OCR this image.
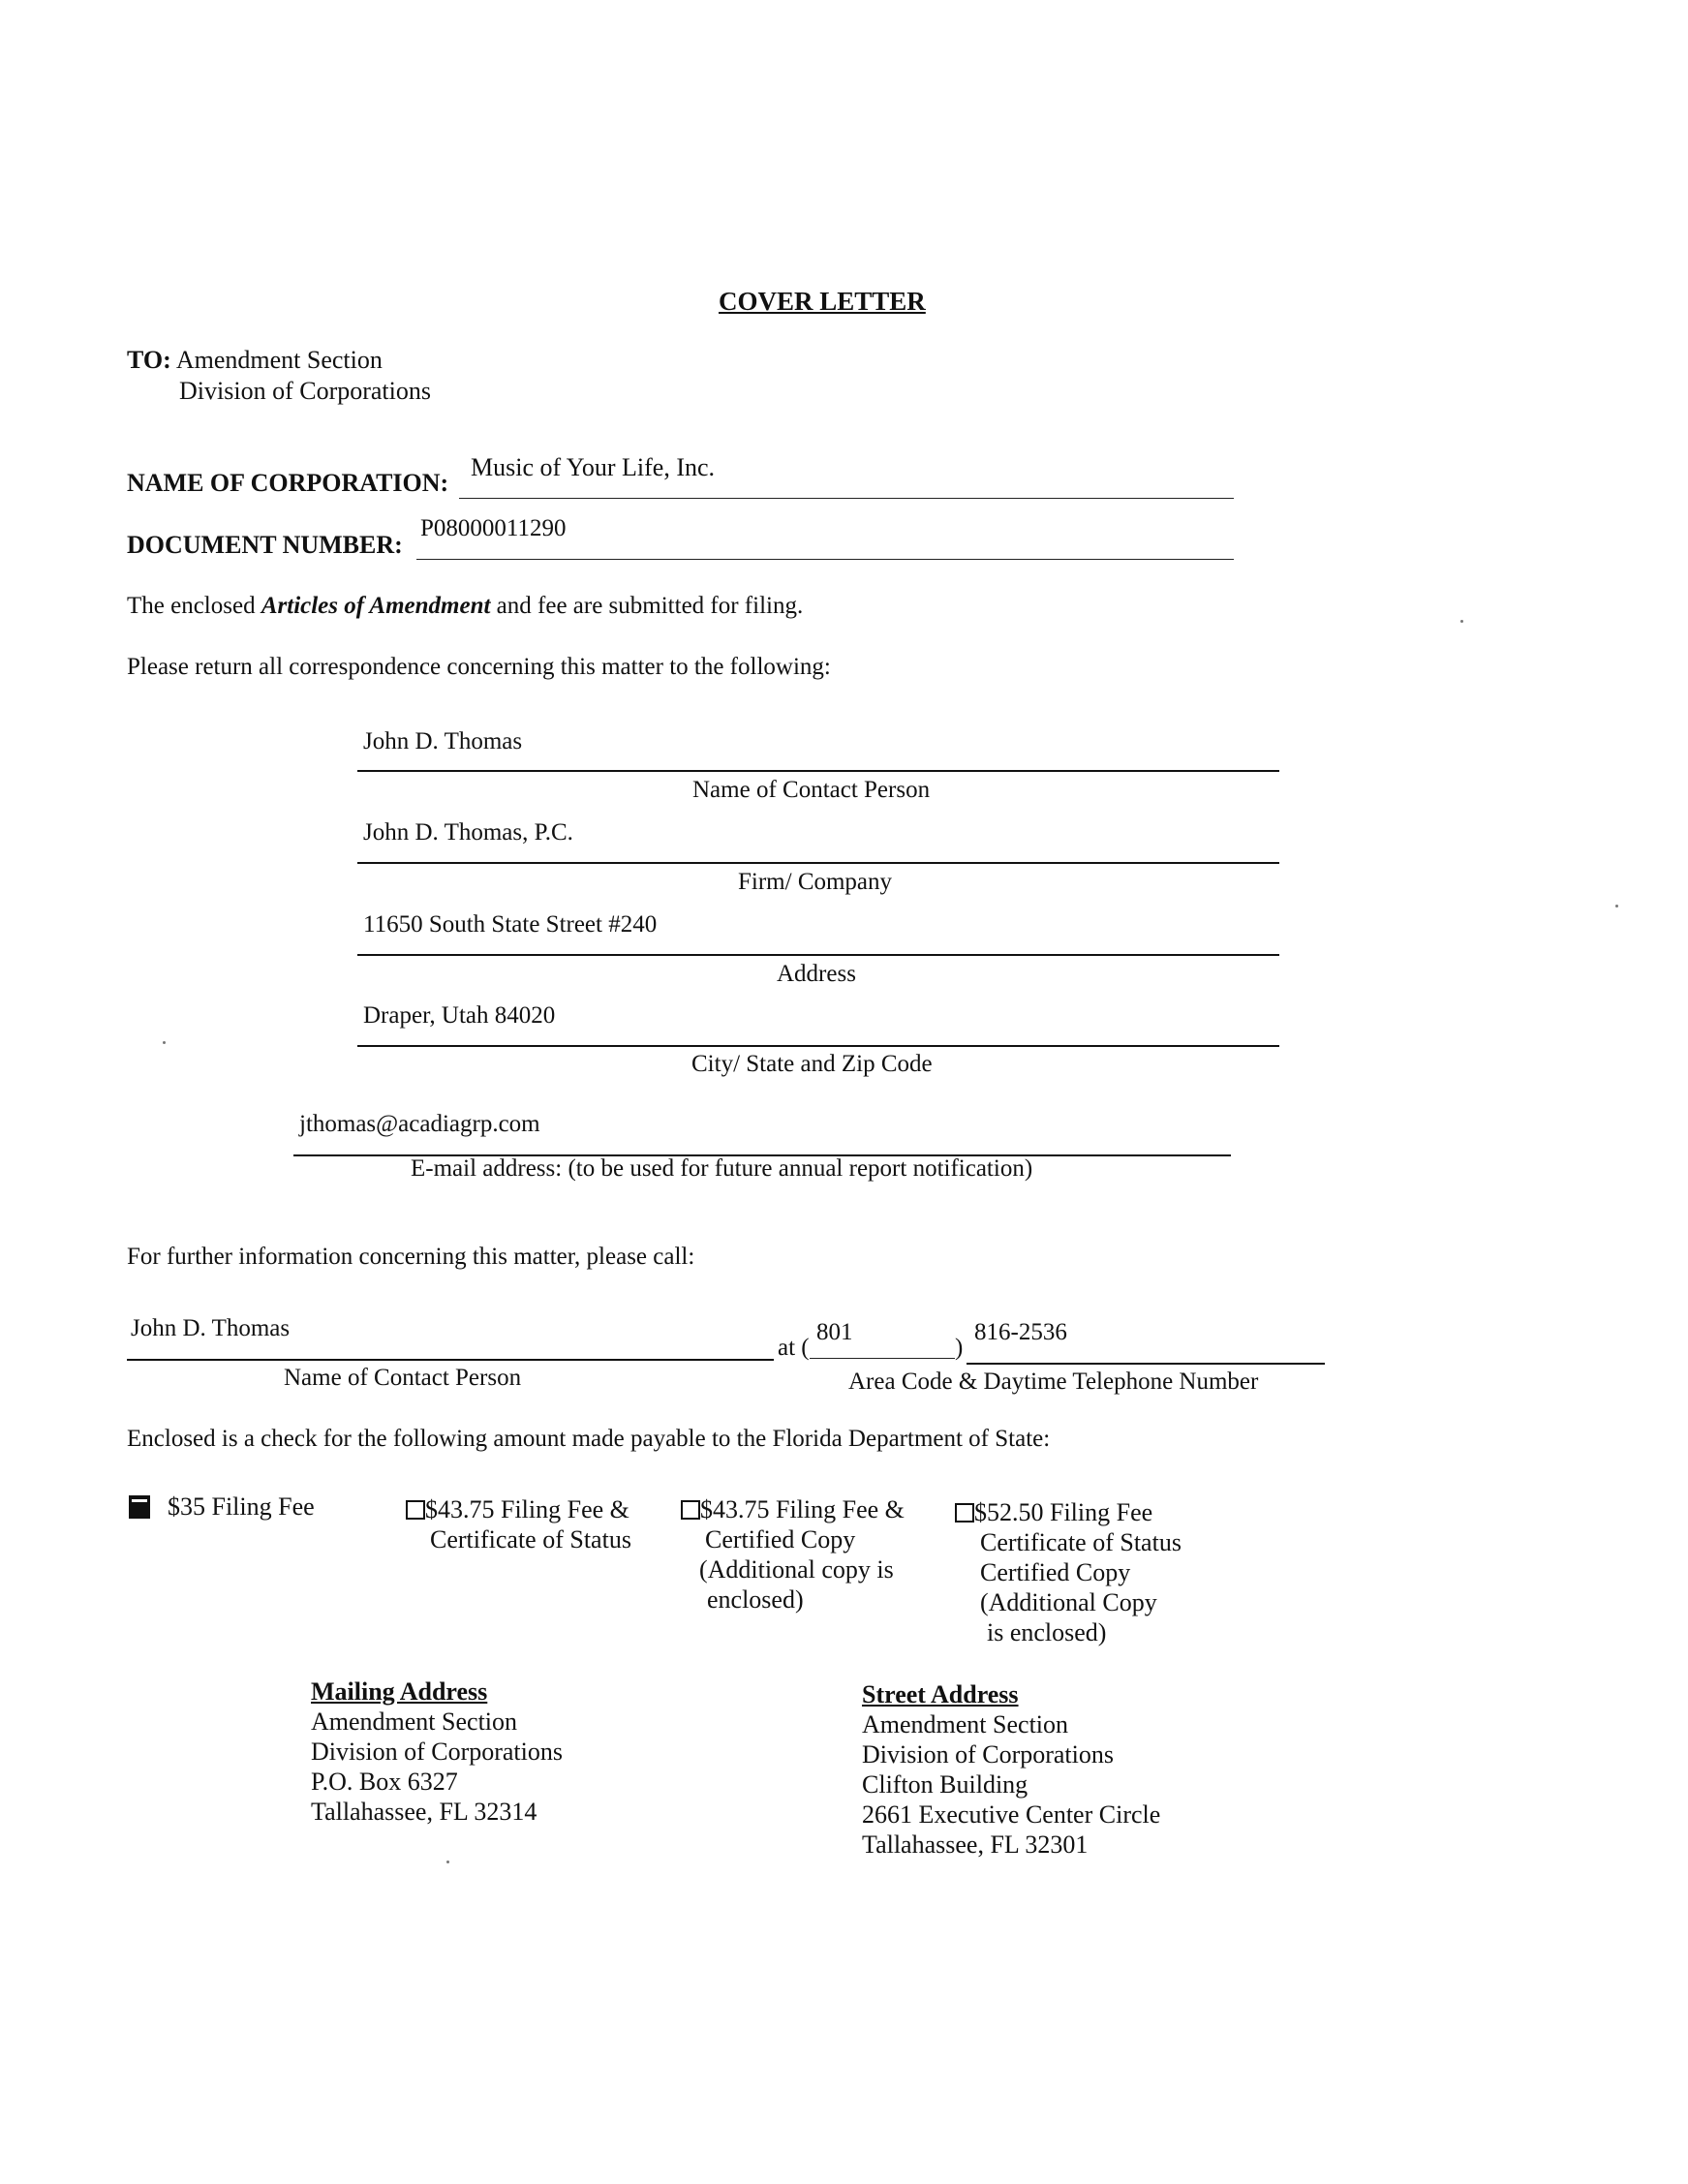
COVER LETTER
TO: Amendment Section
Division of Corporations
NAME OF CORPORATION:
Music of Your Life, Inc.
DOCUMENT NUMBER:
P08000011290
The enclosed Articles of Amendment and fee are submitted for filing.
Please return all correspondence concerning this matter to the following:
John D. Thomas
Name of Contact Person
John D. Thomas, P.C.
Firm/ Company
11650 South State Street #240
Address
Draper, Utah 84020
City/ State and Zip Code
jthomas@acadiagrp.com
E-mail address: (to be used for future annual report notification)
For further information concerning this matter, please call:
John D. Thomas
Name of Contact Person
at (
801
)
816-2536
Area Code & Daytime Telephone Number
Enclosed is a check for the following amount made payable to the Florida Department of State:
$35 Filing Fee	$43.75 Filing Fee &
Certificate of Status
$43.75 Filing Fee &
Certified Copy
(Additional copy is
enclosed)
$52.50 Filing Fee
Certificate of Status
Certified Copy
(Additional Copy
is enclosed)
Mailing Address
Amendment Section
Division of Corporations
P.O. Box 6327
Tallahassee, FL 32314
Street Address
Amendment Section
Division of Corporations
Clifton Building
2661 Executive Center Circle
Tallahassee, FL 32301
